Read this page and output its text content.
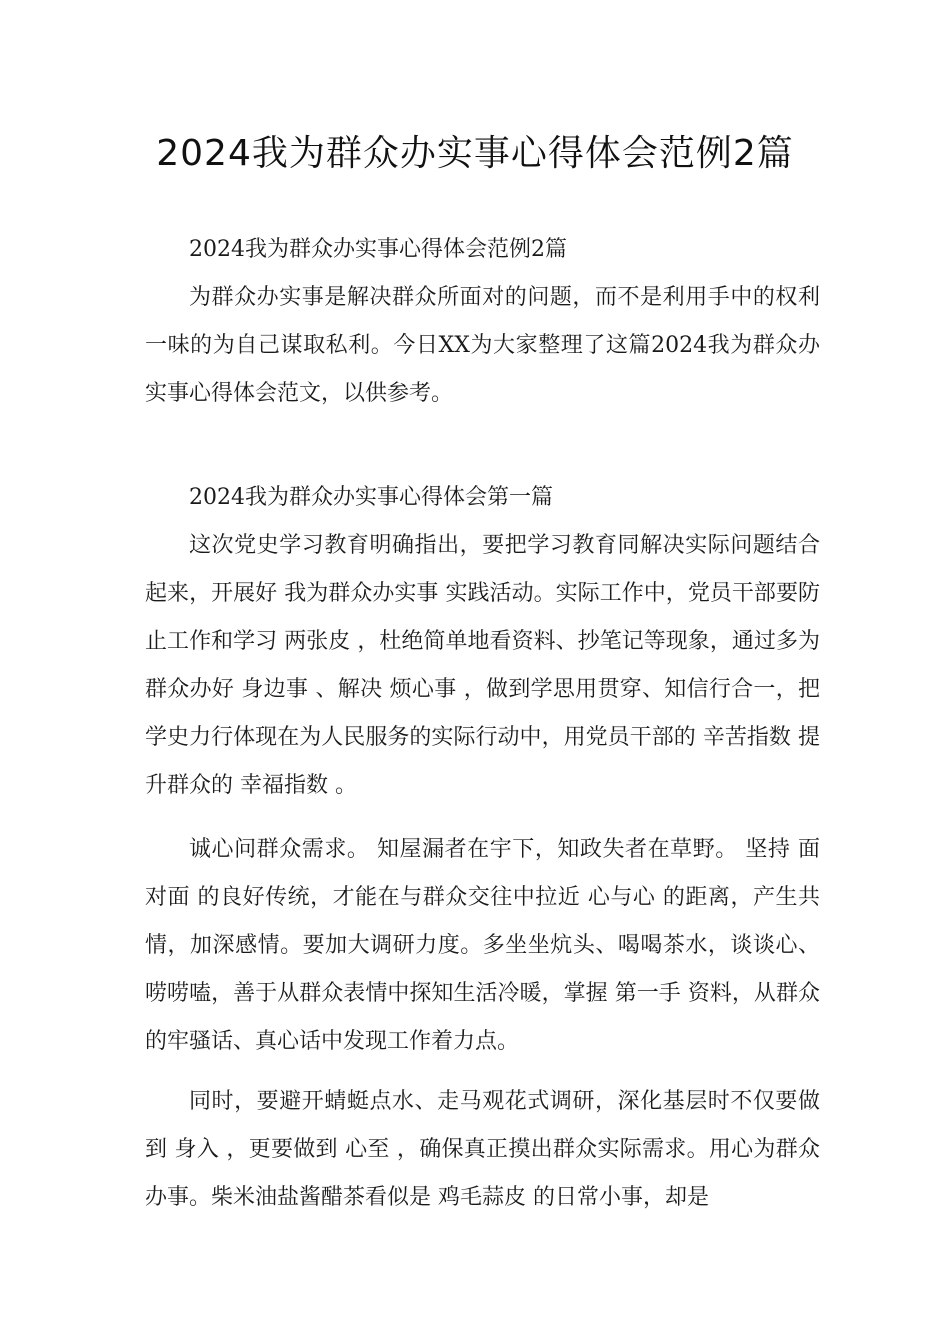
2024我为群众办实事心得体会范例2篇

2024我为群众办实事心得体会范例2篇

为群众办实事是解决群众所面对的问题，而不是利用手中的权利一味的为自己谋取私利。今日XX为大家整理了这篇2024我为群众办实事心得体会范文，以供参考。

2024我为群众办实事心得体会第一篇

这次党史学习教育明确指出，要把学习教育同解决实际问题结合起来，开展好 我为群众办实事 实践活动。实际工作中，党员干部要防止工作和学习 两张皮 ，杜绝简单地看资料、抄笔记等现象，通过多为群众办好 身边事 、解决 烦心事 ，做到学思用贯穿、知信行合一，把学史力行体现在为人民服务的实际行动中，用党员干部的 辛苦指数 提升群众的 幸福指数 。

诚心问群众需求。 知屋漏者在宇下，知政失者在草野。 坚持 面对面 的良好传统，才能在与群众交往中拉近 心与心 的距离，产生共情，加深感情。要加大调研力度。多坐坐炕头、喝喝茶水，谈谈心、唠唠嗑，善于从群众表情中探知生活冷暖，掌握 第一手 资料，从群众的牢骚话、真心话中发现工作着力点。

同时，要避开蜻蜓点水、走马观花式调研，深化基层时不仅要做到 身入 ，更要做到 心至 ，确保真正摸出群众实际需求。用心为群众办事。柴米油盐酱醋茶看似是 鸡毛蒜皮 的日常小事，却是
